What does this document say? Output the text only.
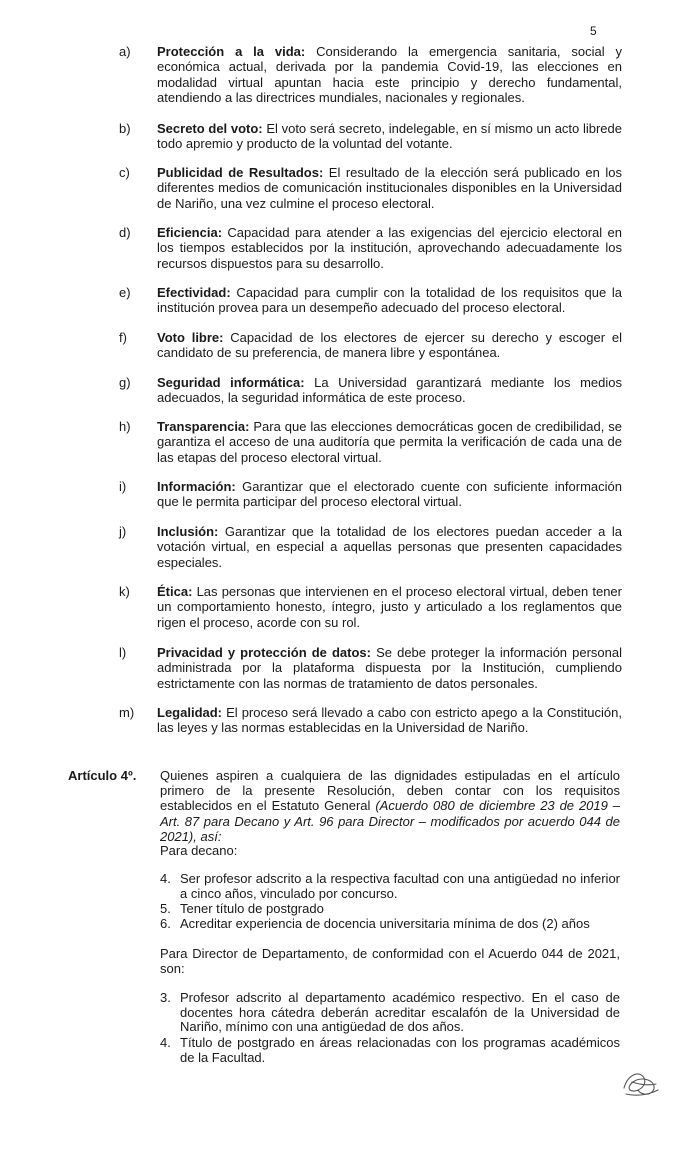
5
a)	Protección a la vida: Considerando la emergencia sanitaria, social y económica actual, derivada por la pandemia Covid-19, las elecciones en modalidad virtual apuntan hacia este principio y derecho fundamental, atendiendo a las directrices mundiales, nacionales y regionales.
b)	Secreto del voto: El voto será secreto, indelegable, en sí mismo un acto librede todo apremio y producto de la voluntad del votante.
c)	Publicidad de Resultados: El resultado de la elección será publicado en los diferentes medios de comunicación institucionales disponibles en la Universidad de Nariño, una vez culmine el proceso electoral.
d)	Eficiencia: Capacidad para atender a las exigencias del ejercicio electoral en los tiempos establecidos por la institución, aprovechando adecuadamente los recursos dispuestos para su desarrollo.
e)	Efectividad: Capacidad para cumplir con la totalidad de los requisitos que la institución provea para un desempeño adecuado del proceso electoral.
f)	Voto libre: Capacidad de los electores de ejercer su derecho y escoger el candidato de su preferencia, de manera libre y espontánea.
g)	Seguridad informática: La Universidad garantizará mediante los medios adecuados, la seguridad informática de este proceso.
h)	Transparencia: Para que las elecciones democráticas gocen de credibilidad, se garantiza el acceso de una auditoría que permita la verificación de cada una de las etapas del proceso electoral virtual.
i)	Información: Garantizar que el electorado cuente con suficiente información que le permita participar del proceso electoral virtual.
j)	Inclusión: Garantizar que la totalidad de los electores puedan acceder a la votación virtual, en especial a aquellas personas que presenten capacidades especiales.
k)	Ética: Las personas que intervienen en el proceso electoral virtual, deben tener un comportamiento honesto, íntegro, justo y articulado a los reglamentos que rigen el proceso, acorde con su rol.
l)	Privacidad y protección de datos: Se debe proteger la información personal administrada por la plataforma dispuesta por la Institución, cumpliendo estrictamente con las normas de tratamiento de datos personales.
m)	Legalidad: El proceso será llevado a cabo con estricto apego a la Constitución, las leyes y las normas establecidas en la Universidad de Nariño.
Artículo 4º. Quienes aspiren a cualquiera de las dignidades estipuladas en el artículo primero de la presente Resolución, deben contar con los requisitos establecidos en el Estatuto General (Acuerdo 080 de diciembre 23 de 2019 – Art. 87 para Decano y Art. 96 para Director – modificados por acuerdo 044 de 2021), así:
Para decano:
4. Ser profesor adscrito a la respectiva facultad con una antigüedad no inferior a cinco años, vinculado por concurso.
5. Tener título de postgrado
6. Acreditar experiencia de docencia universitaria mínima de dos (2) años
Para Director de Departamento, de conformidad con el Acuerdo 044 de 2021, son:
3. Profesor adscrito al departamento académico respectivo. En el caso de docentes hora cátedra deberán acreditar escalafón de la Universidad de Nariño, mínimo con una antigüedad de dos años.
4. Título de postgrado en áreas relacionadas con los programas académicos de la Facultad.
